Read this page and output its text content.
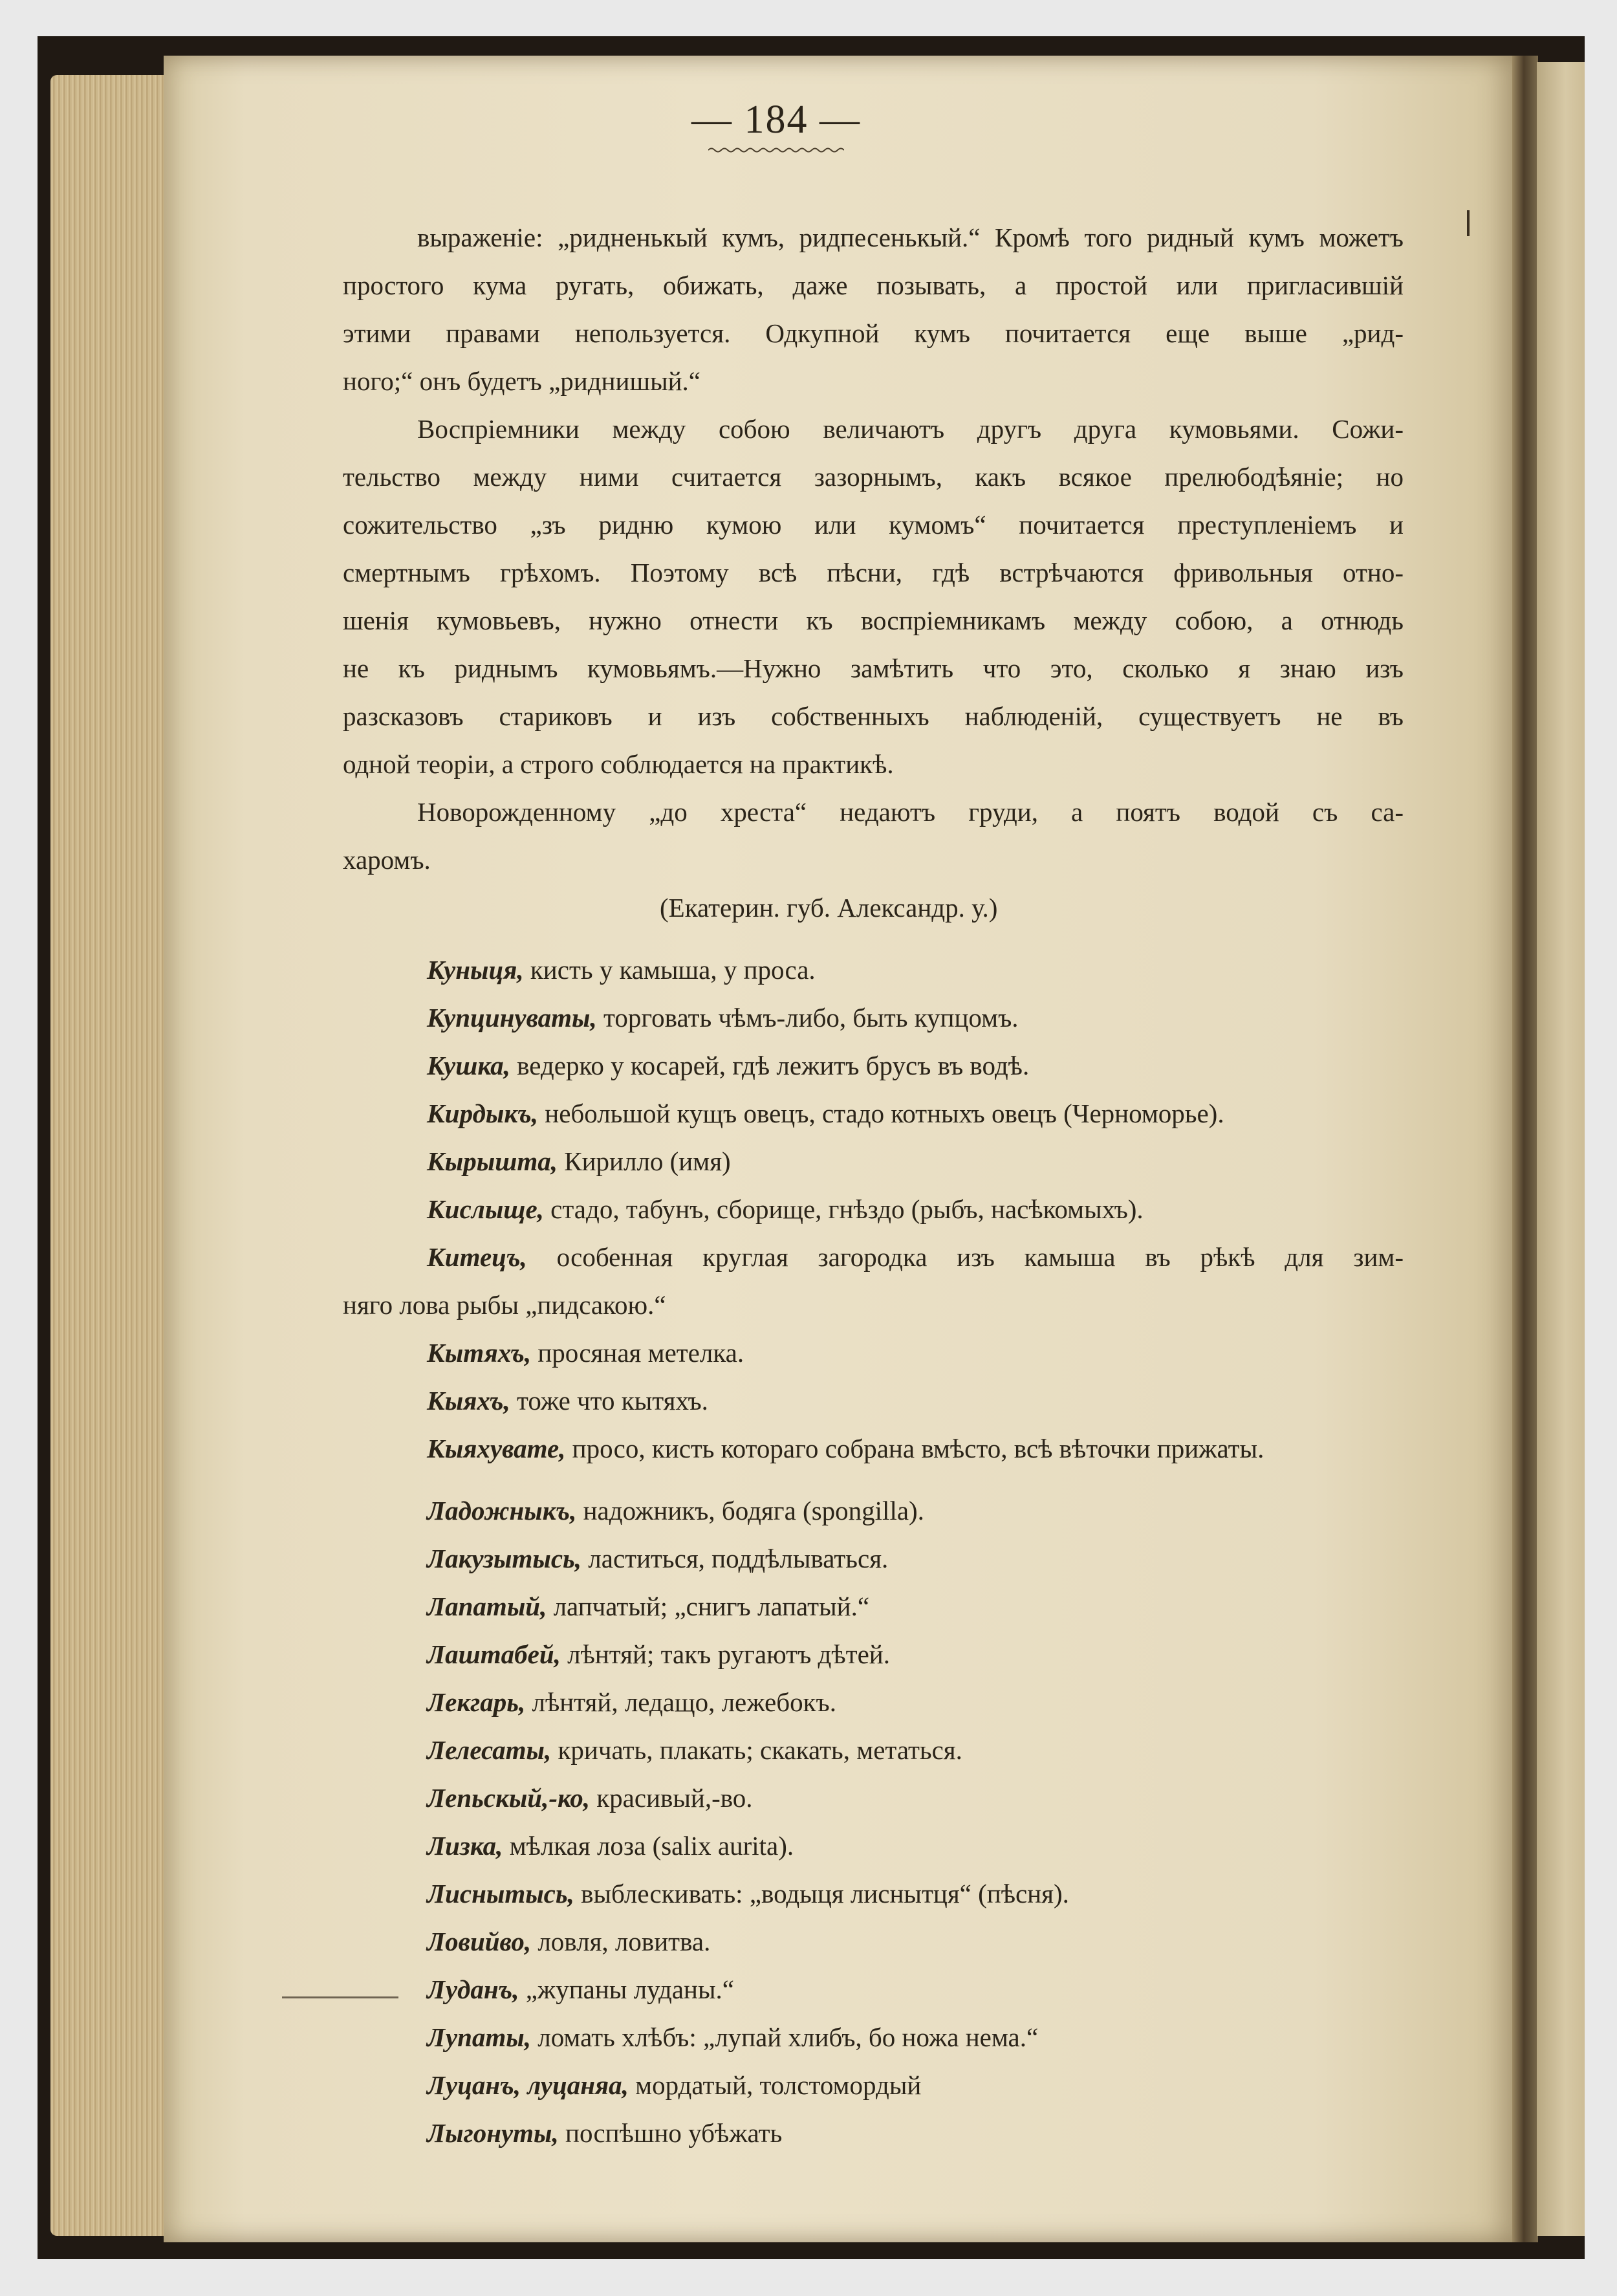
— 184 —

выраженіе: „ридненькый кумъ, ридпесенькый.“ Кромѣ того ридный кумъ можетъ

простого кума ругать, обижать, даже позывать, а простой или пригласившій

этими правами непользуется. Одкупной кумъ почитается еще выше „рид-

ного;“ онъ будетъ „риднишый.“

Воспріемники между собою величаютъ другъ друга кумовьями. Сожи-

тельство между ними считается зазорнымъ, какъ всякое прелюбодѣяніе; но

сожительство „зъ ридню кумою или кумомъ“ почитается преступленіемъ и

смертнымъ грѣхомъ. Поэтому всѣ пѣсни, гдѣ встрѣчаются фривольныя отно-

шенія кумовьевъ, нужно отнести къ воспріемникамъ между собою, а отнюдь

не къ риднымъ кумовьямъ.—Нужно замѣтить что это, сколько я знаю изъ

разсказовъ стариковъ и изъ собственныхъ наблюденій, существуетъ не въ

одной теоріи, а строго соблюдается на практикѣ.

Новорожденному „до хреста“ недаютъ груди, а поятъ водой съ са-

харомъ.

(Екатерин. губ. Александр. у.)

Куныця, кисть у камыша, у проса.

Купцинуваты, торговать чѣмъ-либо, быть купцомъ.

Кушка, ведерко у косарей, гдѣ лежитъ брусъ въ водѣ.

Кирдыкъ, небольшой кущъ овецъ, стадо котныхъ овецъ (Черноморье).

Кырышта, Кирилло (имя)

Кислыще, стадо, табунъ, сборище, гнѣздо (рыбъ, насѣкомыхъ).

Китецъ, особенная круглая загородка изъ камыша въ рѣкѣ для зим-

няго лова рыбы „пидсакою.“

Кытяхъ, просяная метелка.

Кыяхъ, тоже что кытяхъ.

Кыяхувате, просо, кисть котораго собрана вмѣсто, всѣ вѣточки прижаты.

Ладожныкъ, надожникъ, бодяга (spongilla).

Лакузытысь, ластиться, поддѣлываться.

Лапатый, лапчатый; „снигъ лапатый.“

Лаштабей, лѣнтяй; такъ ругаютъ дѣтей.

Лекгарь, лѣнтяй, ледащо, лежебокъ.

Лелесаты, кричать, плакать; скакать, метаться.

Лепьскый,-ко, красивый,-во.

Лизка, мѣлкая лоза (salix aurita).

Лиснытысь, выблескивать: „водыця лиснытця“ (пѣсня).

Ловийво, ловля, ловитва.

Луданъ, „жупаны луданы.“

Лупаты, ломать хлѣбъ: „лупай хлибъ, бо ножа нема.“

Луцанъ, луцаняа, мордатый, толстомордый

Лыгонуты, поспѣшно убѣжать
